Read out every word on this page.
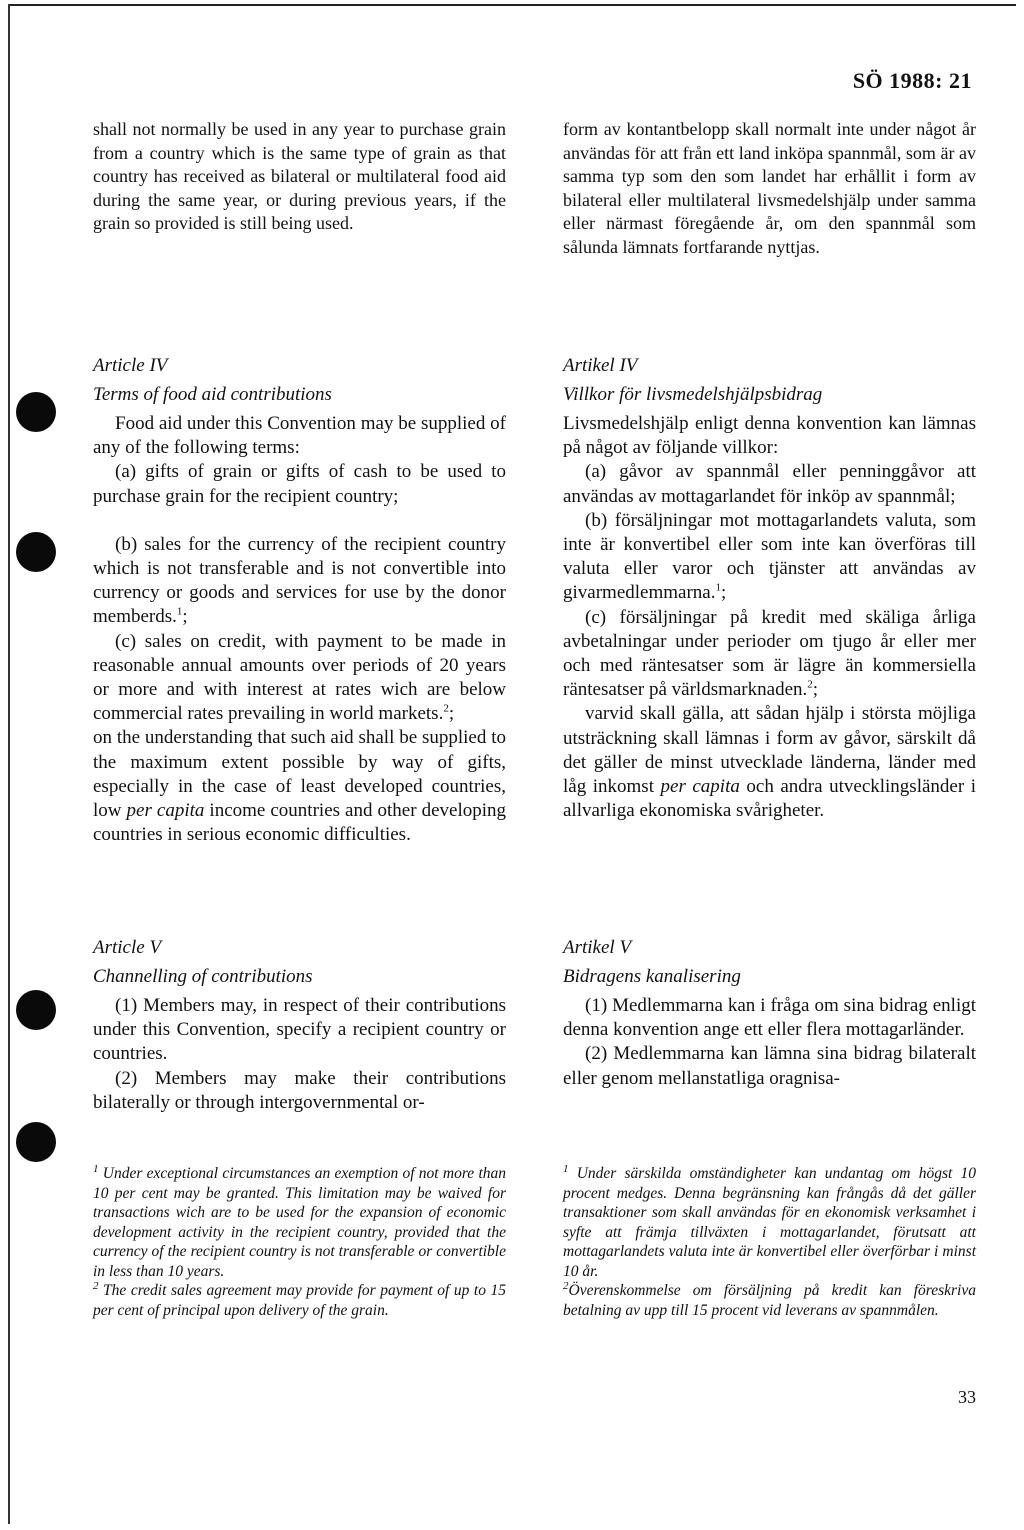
SÖ 1988: 21

shall not normally be used in any year to purchase grain from a country which is the same type of grain as that country has received as bilateral or multilateral food aid during the same year, or during previous years, if the grain so provided is still being used.

Article IV

Terms of food aid contributions

Food aid under this Convention may be supplied of any of the following terms:

(a) gifts of grain or gifts of cash to be used to purchase grain for the recipient country;

(b) sales for the currency of the recipient country which is not transferable and is not convertible into currency or goods and services for use by the donor memberds.$^1$;

(c) sales on credit, with payment to be made in reasonable annual amounts over periods of 20 years or more and with interest at rates wich are below commercial rates prevailing in world markets.$^2$;

on the understanding that such aid shall be supplied to the maximum extent possible by way of gifts, especially in the case of least developed countries, low per capita income countries and other developing countries in serious economic difficulties.

Article V

Channelling of contributions

(1) Members may, in respect of their contributions under this Convention, specify a recipient country or countries.

(2) Members may make their contributions bilaterally or through intergovernmental or-

$^1$ Under exceptional circumstances an exemption of not more than 10 per cent may be granted. This limitation may be waived for transactions wich are to be used for the expansion of economic development activity in the recipient country, provided that the currency of the recipient country is not transferable or convertible in less than 10 years.

$^2$ The credit sales agreement may provide for payment of up to 15 per cent of principal upon delivery of the grain.

form av kontantbelopp skall normalt inte under något år användas för att från ett land inköpa spannmål, som är av samma typ som den som landet har erhållit i form av bilateral eller multilateral livsmedelshjälp under samma eller närmast föregående år, om den spannmål som sålunda lämnats fortfarande nyttjas.

Artikel IV

Villkor för livsmedelshjälpsbidrag

Livsmedelshjälp enligt denna konvention kan lämnas på något av följande villkor:

(a) gåvor av spannmål eller penninggåvor att användas av mottagarlandet för inköp av spannmål;

(b) försäljningar mot mottagarlandets valuta, som inte är konvertibel eller som inte kan överföras till valuta eller varor och tjänster att användas av givarmedlemmarna.$^1$;

(c) försäljningar på kredit med skäliga årliga avbetalningar under perioder om tjugo år eller mer och med räntesatser som är lägre än kommersiella räntesatser på världsmarknaden.$^2$;

varvid skall gälla, att sådan hjälp i största möjliga utsträckning skall lämnas i form av gåvor, särskilt då det gäller de minst utvecklade länderna, länder med låg inkomst per capita och andra utvecklingsländer i allvarliga ekonomiska svårigheter.

Artikel V

Bidragens kanalisering

(1) Medlemmarna kan i fråga om sina bidrag enligt denna konvention ange ett eller flera mottagarländer.

(2) Medlemmarna kan lämna sina bidrag bilateralt eller genom mellanstatliga oragnisa-

$^1$ Under särskilda omständigheter kan undantag om högst 10 procent medges. Denna begränsning kan frångås då det gäller transaktioner som skall användas för en ekonomisk verksamhet i syfte att främja tillväxten i mottagarlandet, förutsatt att mottagarlandets valuta inte är konvertibel eller överförbar i minst 10 år.

$^2$Överenskommelse om försäljning på kredit kan föreskriva betalning av upp till 15 procent vid leverans av spannmålen.

33
